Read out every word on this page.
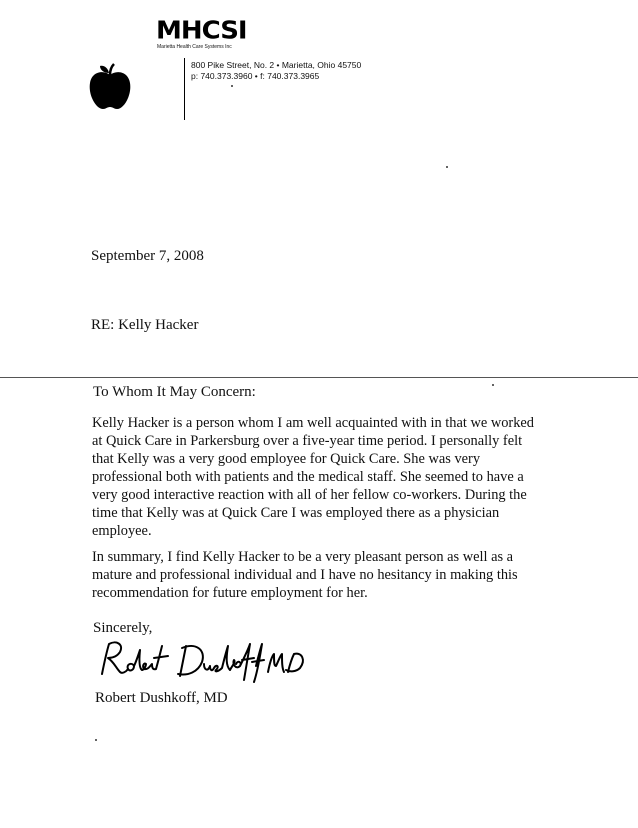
MHCSI
Marietta Health Care Systems Inc
800 Pike Street, No. 2 • Marietta, Ohio 45750
p: 740.373.3960 • f: 740.373.3965
September 7, 2008
RE: Kelly Hacker
To Whom It May Concern:
Kelly Hacker is a person whom I am well acquainted with in that we worked
at Quick Care in Parkersburg over a five-year time period. I personally felt
that Kelly was a very good employee for Quick Care. She was very
professional both with patients and the medical staff. She seemed to have a
very good interactive reaction with all of her fellow co-workers. During the
time that Kelly was at Quick Care I was employed there as a physician
employee.
In summary, I find Kelly Hacker to be a very pleasant person as well as a
mature and professional individual and I have no hesitancy in making this
recommendation for future employment for her.
Sincerely,
Robert Dushkoff MD
Robert Dushkoff, MD
